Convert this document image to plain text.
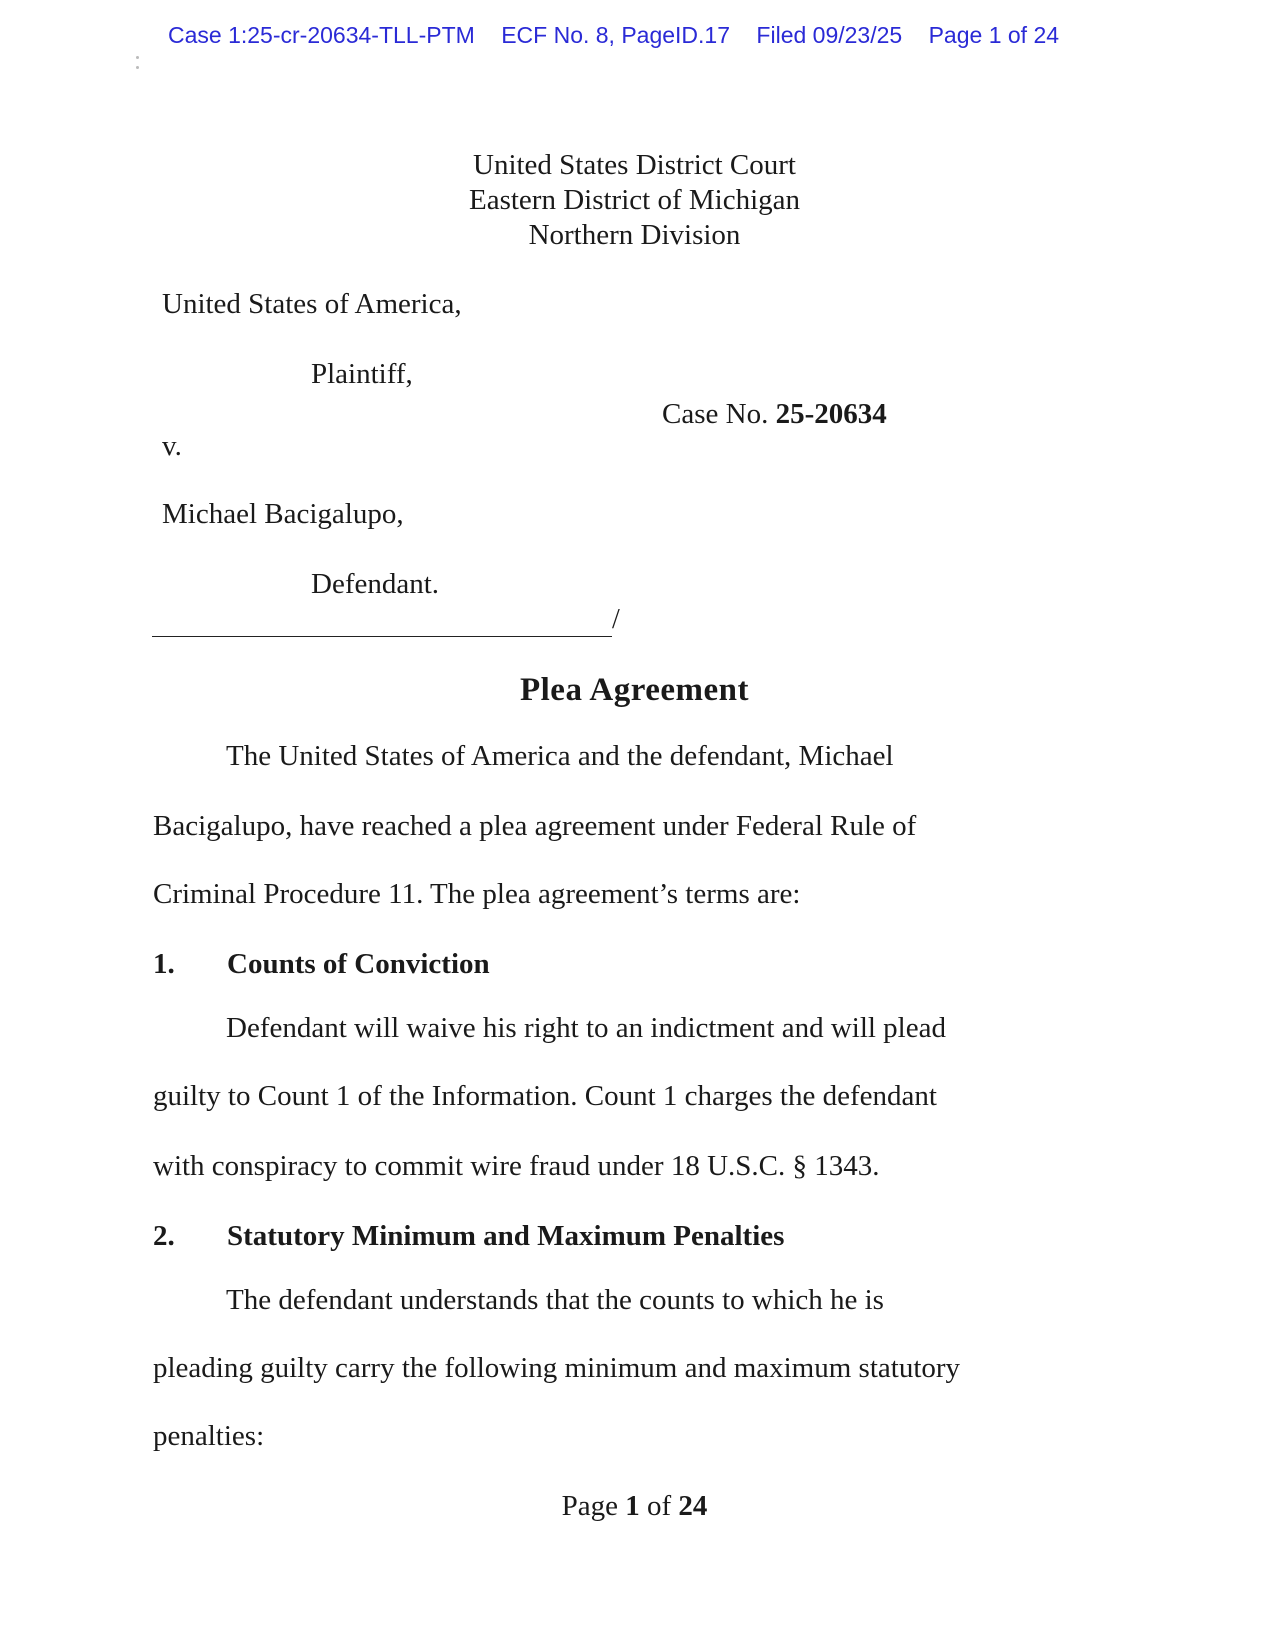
Case 1:25-cr-20634-TLL-PTM ECF No. 8, PageID.17 Filed 09/23/25 Page 1 of 24
United States District Court
Eastern District of Michigan
Northern Division
United States of America,
Plaintiff,
Case No. 25-20634
v.
Michael Bacigalupo,
Defendant.
/
Plea Agreement
The United States of America and the defendant, Michael
Bacigalupo, have reached a plea agreement under Federal Rule of
Criminal Procedure 11. The plea agreement’s terms are:
1. Counts of Conviction
Defendant will waive his right to an indictment and will plead
guilty to Count 1 of the Information. Count 1 charges the defendant
with conspiracy to commit wire fraud under 18 U.S.C. § 1343.
2. Statutory Minimum and Maximum Penalties
The defendant understands that the counts to which he is
pleading guilty carry the following minimum and maximum statutory
penalties:
Page 1 of 24
